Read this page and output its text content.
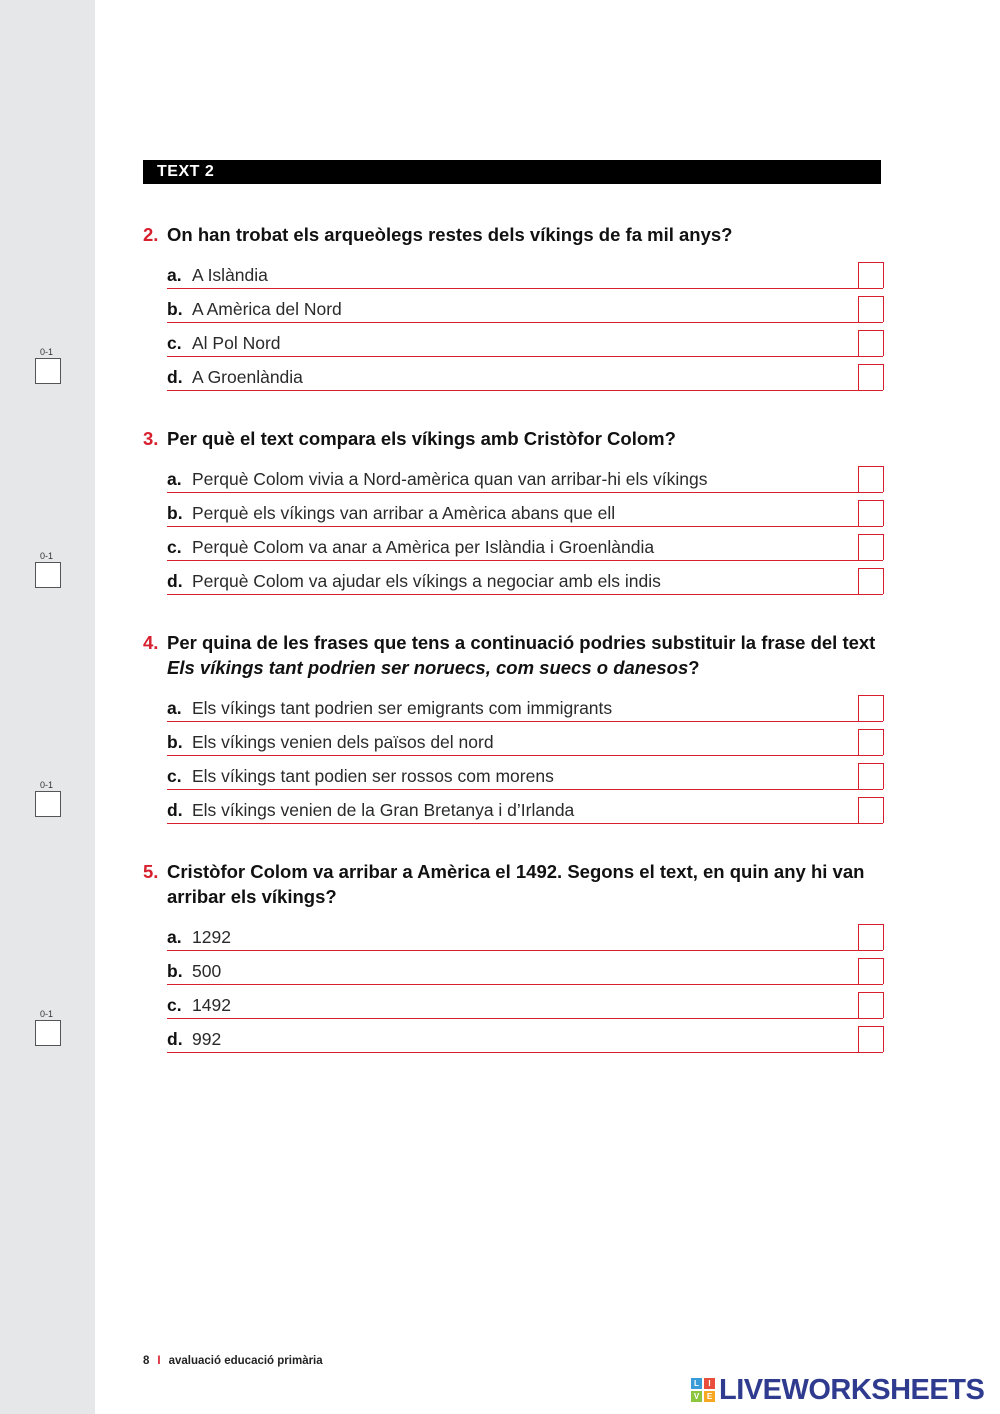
0-1
0-1
0-1
0-1
TEXT 2
2. On han trobat els arqueòlegs restes dels víkings de fa mil anys?
a. A Islàndia
b. A Amèrica del Nord
c. Al Pol Nord
d. A Groenlàndia
3. Per què el text compara els víkings amb Cristòfor Colom?
a. Perquè Colom vivia a Nord-amèrica quan van arribar-hi els víkings
b. Perquè els víkings van arribar a Amèrica abans que ell
c. Perquè Colom va anar a Amèrica per Islàndia i Groenlàndia
d. Perquè Colom va ajudar els víkings a negociar amb els indis
4. Per quina de les frases que tens a continuació podries substituir la frase del text Els víkings tant podrien ser noruecs, com suecs o danesos?
a. Els víkings tant podrien ser emigrants com immigrants
b. Els víkings venien dels països del nord
c. Els víkings tant podien ser rossos com morens
d. Els víkings venien de la Gran Bretanya i d’Irlanda
5. Cristòfor Colom va arribar a Amèrica el 1492. Segons el text, en quin any hi van arribar els víkings?
a. 1292
b. 500
c. 1492
d. 992
8 I avaluació educació primària
L	I
V E LIVEWORKSHEETS
